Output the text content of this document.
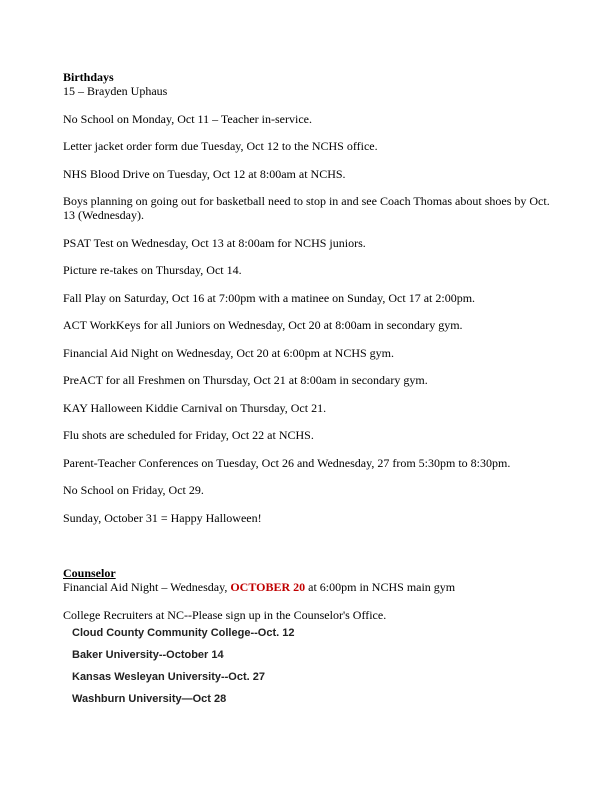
Birthdays
15 – Brayden Uphaus
No School on Monday, Oct 11 – Teacher in-service.
Letter jacket order form due Tuesday, Oct 12 to the NCHS office.
NHS Blood Drive on Tuesday, Oct 12 at 8:00am at NCHS.
Boys planning on going out for basketball need to stop in and see Coach Thomas about shoes by Oct. 13 (Wednesday).
PSAT Test on Wednesday, Oct 13 at 8:00am for NCHS juniors.
Picture re-takes on Thursday, Oct 14.
Fall Play on Saturday, Oct 16 at 7:00pm with a matinee on Sunday, Oct 17 at 2:00pm.
ACT WorkKeys for all Juniors on Wednesday, Oct 20 at 8:00am in secondary gym.
Financial Aid Night on Wednesday, Oct 20 at 6:00pm at NCHS gym.
PreACT for all Freshmen on Thursday, Oct 21 at 8:00am in secondary gym.
KAY Halloween Kiddie Carnival on Thursday, Oct 21.
Flu shots are scheduled for Friday, Oct 22 at NCHS.
Parent-Teacher Conferences on Tuesday, Oct 26 and Wednesday, 27 from 5:30pm to 8:30pm.
No School on Friday, Oct 29.
Sunday, October 31 = Happy Halloween!
Counselor
Financial Aid Night – Wednesday, OCTOBER 20 at 6:00pm in NCHS main gym
College Recruiters at NC--Please sign up in the Counselor's Office.
Cloud County Community College--Oct. 12
Baker University--October 14
Kansas Wesleyan University--Oct. 27
Washburn University—Oct 28
